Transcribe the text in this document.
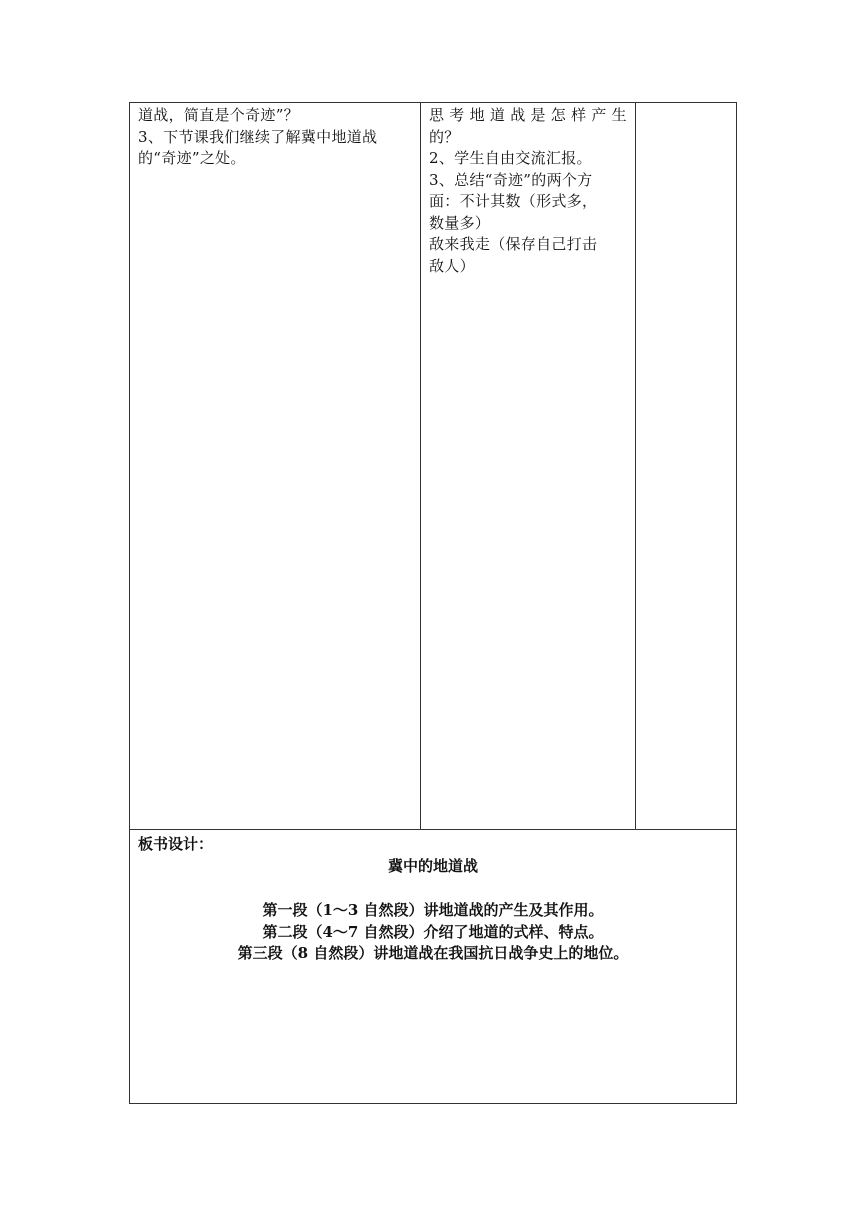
道战，简直是个奇迹”？
3、下节课我们继续了解冀中地道战
的“奇迹”之处。
思 考 地 道 战 是 怎 样 产 生
的？
2、学生自由交流汇报。
3、总结“奇迹”的两个方
面：不计其数（形式多，
数量多）
敌来我走（保存自己打击
敌人）
板书设计：
冀中的地道战
第一段（1～3 自然段）讲地道战的产生及其作用。
第二段（4～7 自然段）介绍了地道的式样、特点。
第三段（8 自然段）讲地道战在我国抗日战争史上的地位。
